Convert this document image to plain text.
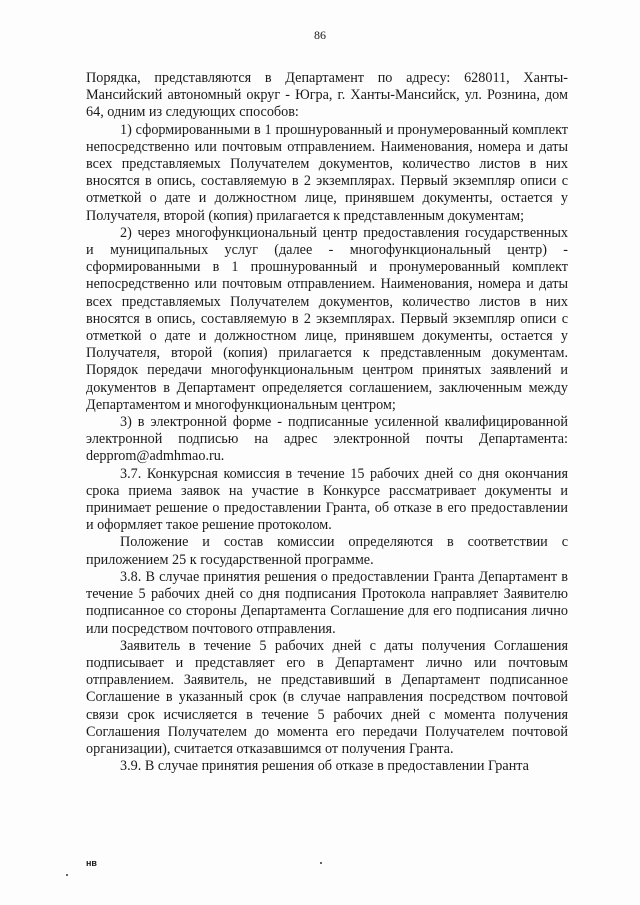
86

Порядка, представляются в Департамент по адресу: 628011, Ханты-Мансийский автономный округ - Югра, г. Ханты-Мансийск, ул. Рознина, дом 64, одним из следующих способов:

1) сформированными в 1 прошнурованный и пронумерованный комплект непосредственно или почтовым отправлением. Наименования, номера и даты всех представляемых Получателем документов, количество листов в них вносятся в опись, составляемую в 2 экземплярах. Первый экземпляр описи с отметкой о дате и должностном лице, принявшем документы, остается у Получателя, второй (копия) прилагается к представленным документам;

2) через многофункциональный центр предоставления государственных и муниципальных услуг (далее - многофункциональный центр) - сформированными в 1 прошнурованный и пронумерованный комплект непосредственно или почтовым отправлением. Наименования, номера и даты всех представляемых Получателем документов, количество листов в них вносятся в опись, составляемую в 2 экземплярах. Первый экземпляр описи с отметкой о дате и должностном лице, принявшем документы, остается у Получателя, второй (копия) прилагается к представленным документам. Порядок передачи многофункциональным центром принятых заявлений и документов в Департамент определяется соглашением, заключенным между Департаментом и многофункциональным центром;

3) в электронной форме - подписанные усиленной квалифицированной электронной подписью на адрес электронной почты Департамента: depprom@admhmao.ru.

3.7. Конкурсная комиссия в течение 15 рабочих дней со дня окончания срока приема заявок на участие в Конкурсе рассматривает документы и принимает решение о предоставлении Гранта, об отказе в его предоставлении и оформляет такое решение протоколом.

Положение и состав комиссии определяются в соответствии с приложением 25 к государственной программе.

3.8. В случае принятия решения о предоставлении Гранта Департамент в течение 5 рабочих дней со дня подписания Протокола направляет Заявителю подписанное со стороны Департамента Соглашение для его подписания лично или посредством почтового отправления.

Заявитель в течение 5 рабочих дней с даты получения Соглашения подписывает и представляет его в Департамент лично или почтовым отправлением. Заявитель, не представивший в Департамент подписанное Соглашение в указанный срок (в случае направления посредством почтовой связи срок исчисляется в течение 5 рабочих дней с момента получения Соглашения Получателем до момента его передачи Получателем почтовой организации), считается отказавшимся от получения Гранта.

3.9. В случае принятия решения об отказе в предоставлении Гранта

нв
